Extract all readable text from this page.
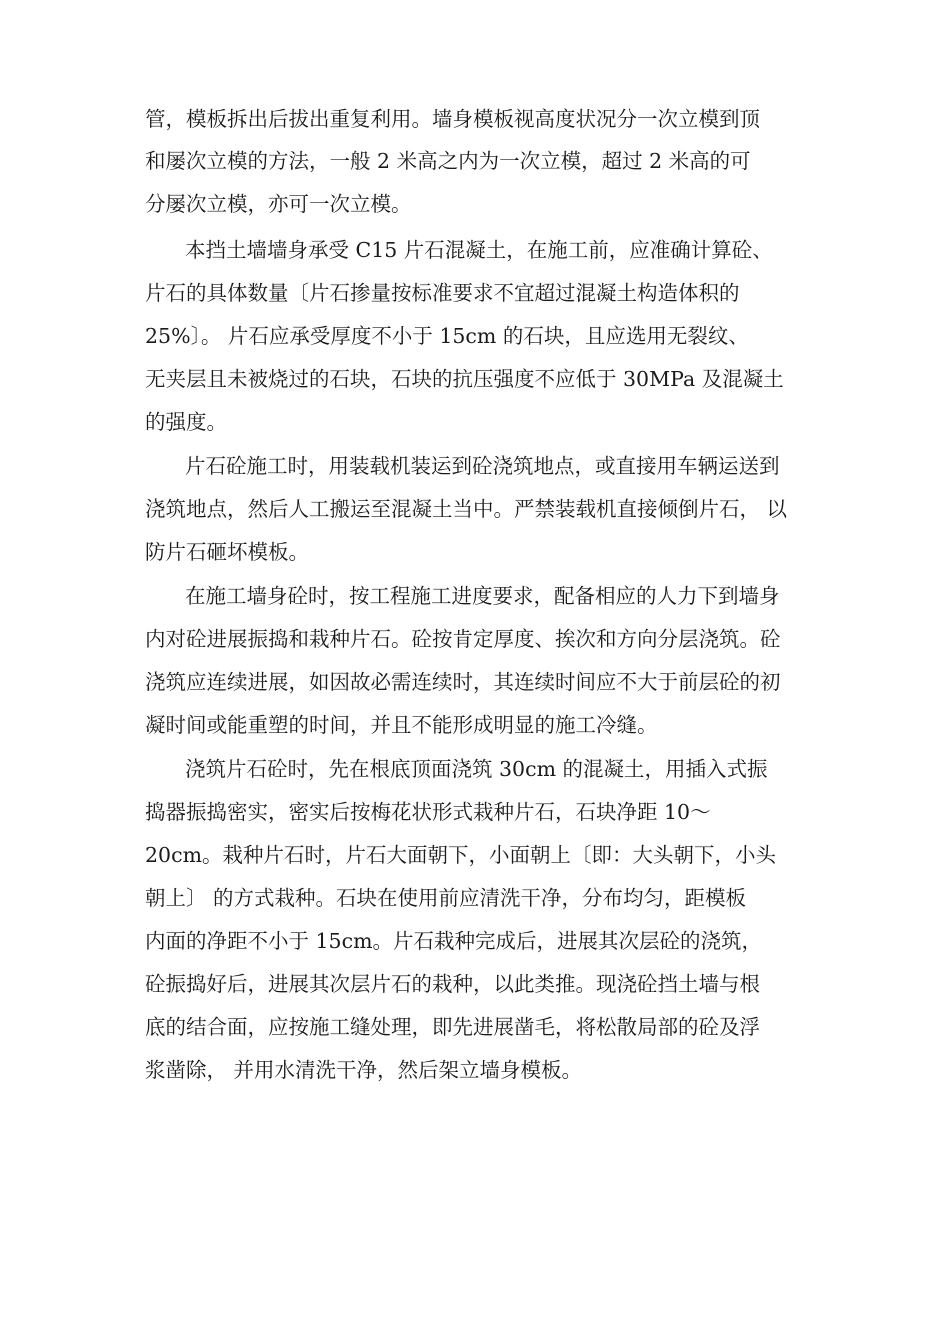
管，模板拆出后拔出重复利用。墙身模板视高度状况分一次立模到顶
和屡次立模的方法，一般 2 米高之内为一次立模，超过 2 米高的可
分屡次立模，亦可一次立模。
本挡土墙墙身承受 C15 片石混凝土，在施工前，应准确计算砼、
片石的具体数量〔片石掺量按标准要求不宜超过混凝土构造体积的
25%〕。 片石应承受厚度不小于 15cm 的石块，且应选用无裂纹、
无夹层且未被烧过的石块，石块的抗压强度不应低于 30MPa 及混凝土
的强度。
片石砼施工时，用装载机装运到砼浇筑地点，或直接用车辆运送到
浇筑地点，然后人工搬运至混凝土当中。严禁装载机直接倾倒片石， 以
防片石砸坏模板。
在施工墙身砼时，按工程施工进度要求，配备相应的人力下到墙身
内对砼进展振捣和栽种片石。砼按肯定厚度、挨次和方向分层浇筑。砼
浇筑应连续进展，如因故必需连续时，其连续时间应不大于前层砼的初
凝时间或能重塑的时间，并且不能形成明显的施工冷缝。
浇筑片石砼时，先在根底顶面浇筑 30cm 的混凝土，用插入式振
捣器振捣密实，密实后按梅花状形式栽种片石，石块净距 10～
20cm。栽种片石时，片石大面朝下，小面朝上〔即：大头朝下，小头
朝上〕 的方式栽种。石块在使用前应清洗干净，分布均匀，距模板
内面的净距不小于 15cm。片石栽种完成后，进展其次层砼的浇筑，
砼振捣好后，进展其次层片石的栽种，以此类推。现浇砼挡土墙与根
底的结合面，应按施工缝处理，即先进展凿毛，将松散局部的砼及浮
浆凿除， 并用水清洗干净，然后架立墙身模板。
